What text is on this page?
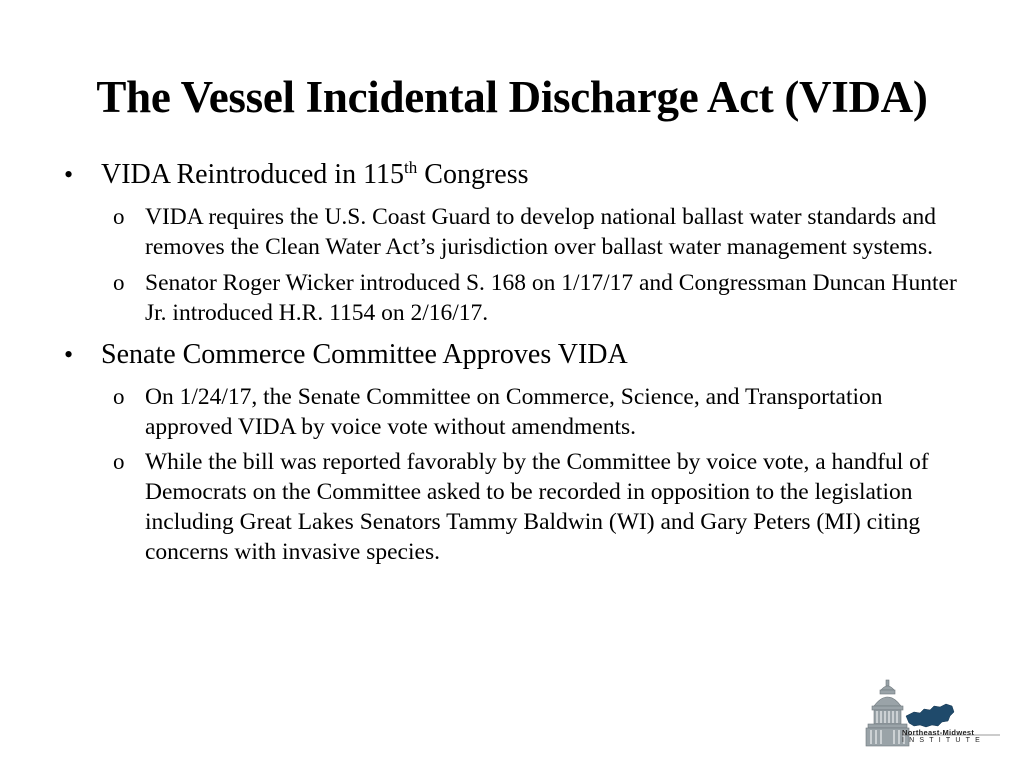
The Vessel Incidental Discharge Act (VIDA)
• VIDA Reintroduced in 115th Congress
o VIDA requires the U.S. Coast Guard to develop national ballast water standards and removes the Clean Water Act’s jurisdiction over ballast water management systems.
o Senator Roger Wicker introduced S. 168 on 1/17/17 and Congressman Duncan Hunter Jr. introduced H.R. 1154 on 2/16/17.
• Senate Commerce Committee Approves VIDA
o On 1/24/17, the Senate Committee on Commerce, Science, and Transportation approved VIDA by voice vote without amendments.
o While the bill was reported favorably by the Committee by voice vote, a handful of Democrats on the Committee asked to be recorded in opposition to the legislation including Great Lakes Senators Tammy Baldwin (WI) and Gary Peters (MI) citing concerns with invasive species.
Northeast-Midwest
INSTITUTE
